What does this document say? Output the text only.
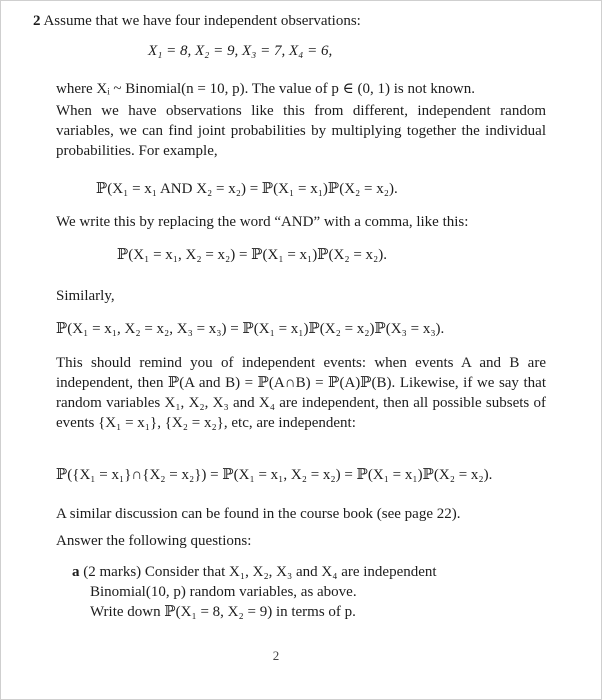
2 Assume that we have four independent observations:
X₁ = 8, X₂ = 9, X₃ = 7, X₄ = 6,
where Xᵢ ~ Binomial(n = 10, p). The value of p ∈ (0, 1) is not known.
When we have observations like this from different, independent random variables, we can find joint probabilities by multiplying together the individual probabilities. For example,
ℙ(X₁ = x₁ AND X₂ = x₂) = ℙ(X₁ = x₁)ℙ(X₂ = x₂).
We write this by replacing the word “AND” with a comma, like this:
ℙ(X₁ = x₁, X₂ = x₂) = ℙ(X₁ = x₁)ℙ(X₂ = x₂).
Similarly,
ℙ(X₁ = x₁, X₂ = x₂, X₃ = x₃) = ℙ(X₁ = x₁)ℙ(X₂ = x₂)ℙ(X₃ = x₃).
This should remind you of independent events: when events A and B are independent, then ℙ(A and B) = ℙ(A∩B) = ℙ(A)ℙ(B). Likewise, if we say that random variables X₁, X₂, X₃ and X₄ are independent, then all possible subsets of events {X₁ = x₁}, {X₂ = x₂}, etc, are independent:
ℙ({X₁ = x₁}∩{X₂ = x₂}) = ℙ(X₁ = x₁, X₂ = x₂) = ℙ(X₁ = x₁)ℙ(X₂ = x₂).
A similar discussion can be found in the course book (see page 22).
Answer the following questions:
a (2 marks) Consider that X₁, X₂, X₃ and X₄ are independent
Binomial(10, p) random variables, as above.
Write down ℙ(X₁ = 8, X₂ = 9) in terms of p.
2
